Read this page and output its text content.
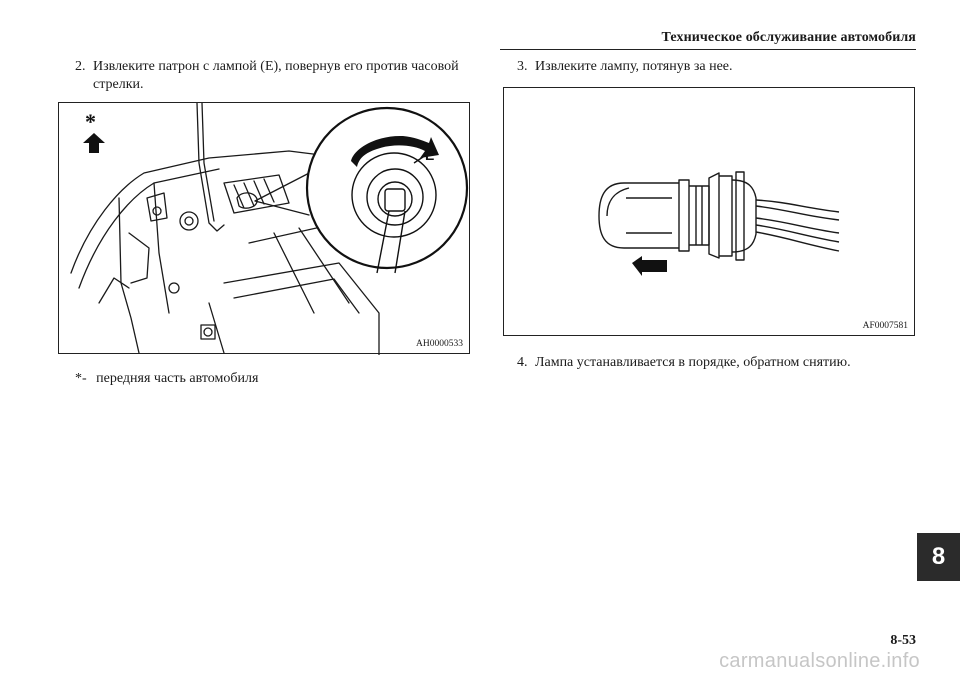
Техническое обслуживание автомобиля
2. Извлеките патрон с лампой (E), повернув его против часовой
стрелки.
*
E
AH0000533
*- передняя часть автомобиля
3. Извлеките лампу, потянув за нее.
AF0007581
4. Лампа устанавливается в порядке, обратном снятию.
8
8-53
carmanualsonline.info
